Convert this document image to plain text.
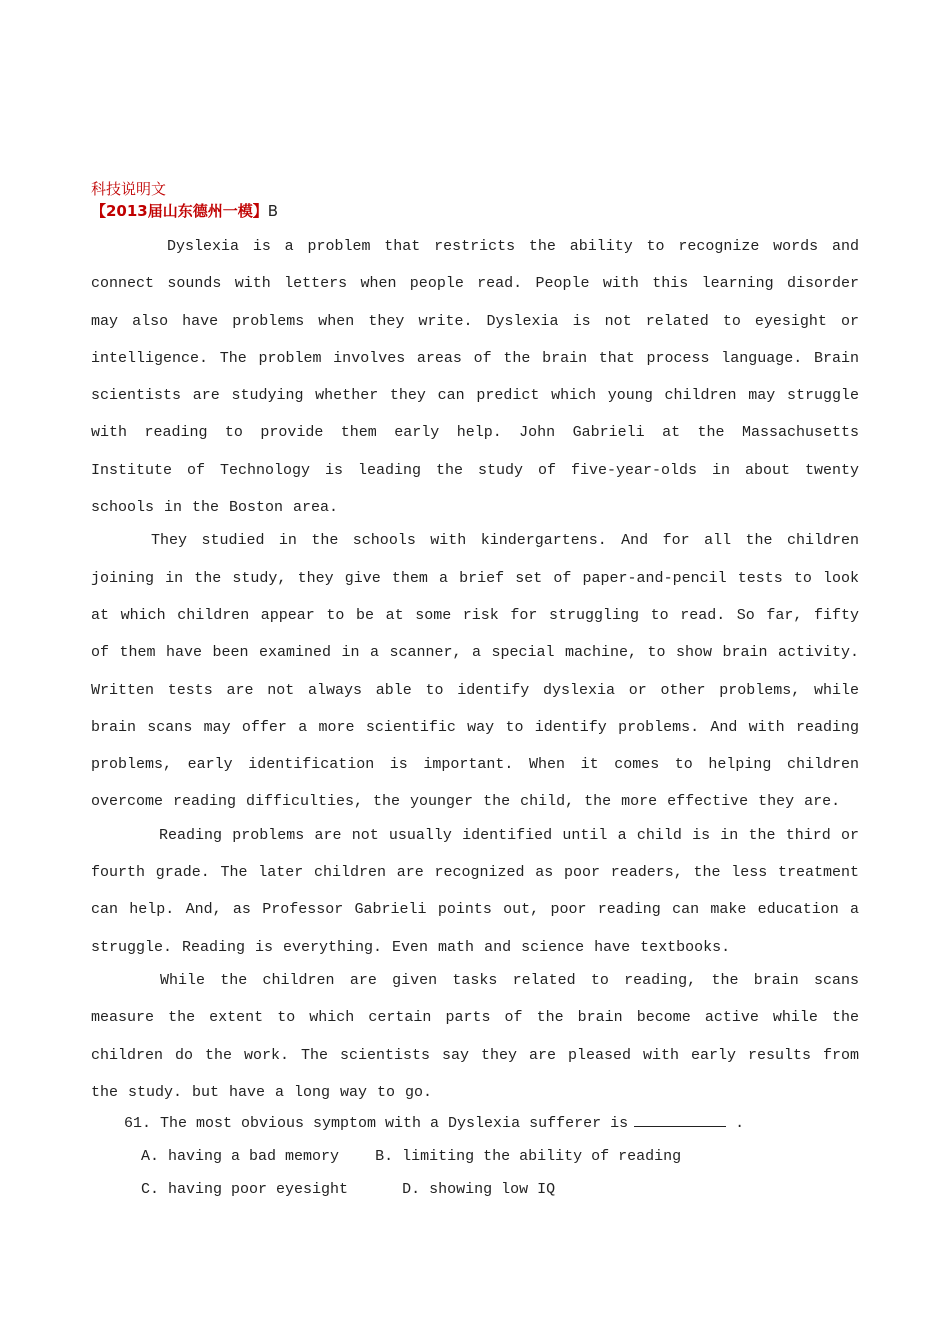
科技说明文

【2013届山东德州一模】B

Dyslexia is a problem that restricts the ability to recognize words and connect sounds with letters when people read. People with this learning disorder may also have problems when they write. Dyslexia is not related to eyesight or intelligence. The problem involves areas of the brain that process language. Brain scientists are studying whether they can predict which young children may struggle with reading to provide them early help. John Gabrieli at the Massachusetts Institute of Technology is leading the study of five-year-olds in about twenty schools in the Boston area.

They studied in the schools with kindergartens. And for all the children joining in the study, they give them a brief set of paper-and-pencil tests to look at which children appear to be at some risk for struggling to read. So far, fifty of them have been examined in a scanner, a special machine, to show brain activity. Written tests are not always able to identify dyslexia or other problems, while brain scans may offer a more scientific way to identify problems. And with reading problems, early identification is important. When it comes to helping children overcome reading difficulties, the younger the child, the more effective they are.

Reading problems are not usually identified until a child is in the third or fourth grade. The later children are recognized as poor readers, the less treatment can help. And, as Professor Gabrieli points out, poor reading can make education a struggle. Reading is everything. Even math and science have textbooks.

While the children are given tasks related to reading, the brain scans measure the extent to which certain parts of the brain become active while the children do the work. The scientists say they are pleased with early results from the study. but have a long way to go.

61. The most obvious symptom with a Dyslexia sufferer is	.
A. having a bad memory B. limiting the ability of reading
C. having poor eyesight	D. showing low IQ
